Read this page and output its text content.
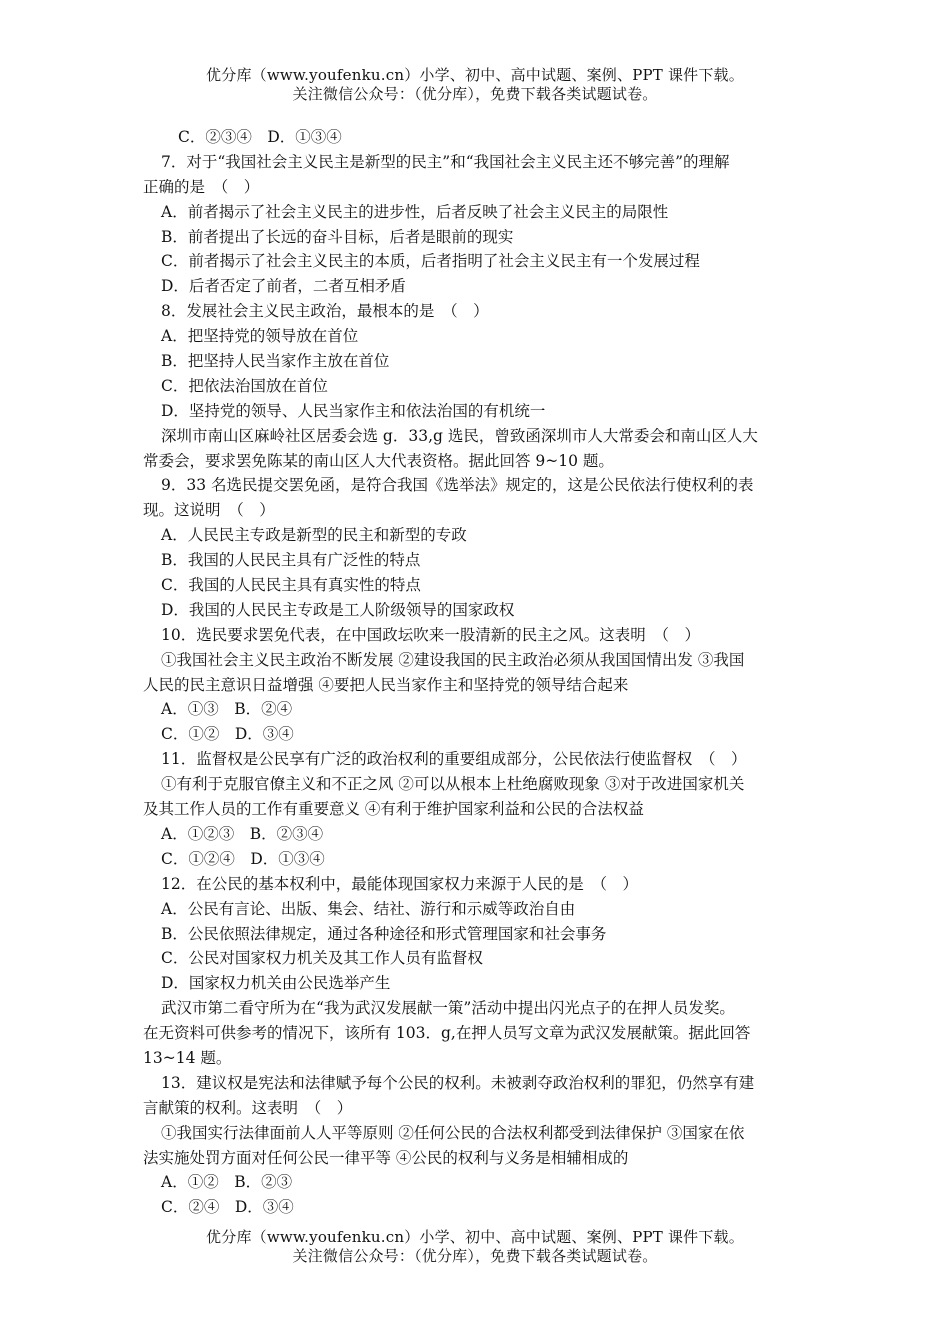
优分库（www.youfenku.cn）小学、初中、高中试题、案例、PPT 课件下载。
关注微信公众号：（优分库），免费下载各类试题试卷。
C．②③④　D．①③④
7．对于“我国社会主义民主是新型的民主”和“我国社会主义民主还不够完善”的理解
正确的是　（　）
A．前者揭示了社会主义民主的进步性，后者反映了社会主义民主的局限性
B．前者提出了长远的奋斗目标，后者是眼前的现实
C．前者揭示了社会主义民主的本质，后者指明了社会主义民主有一个发展过程
D．后者否定了前者，二者互相矛盾
8．发展社会主义民主政治，最根本的是　（　）
A．把坚持党的领导放在首位
B．把坚持人民当家作主放在首位
C．把依法治国放在首位
D．坚持党的领导、人民当家作主和依法治国的有机统一
深圳市南山区麻岭社区居委会选 g．33,g 选民，曾致函深圳市人大常委会和南山区人大
常委会，要求罢免陈某的南山区人大代表资格。据此回答 9~10 题。
9．33 名选民提交罢免函，是符合我国《选举法》规定的，这是公民依法行使权利的表
现。这说明　（　）
A．人民民主专政是新型的民主和新型的专政
B．我国的人民民主具有广泛性的特点
C．我国的人民民主具有真实性的特点
D．我国的人民民主专政是工人阶级领导的国家政权
10．选民要求罢免代表，在中国政坛吹来一股清新的民主之风。这表明　（　）
①我国社会主义民主政治不断发展 ②建设我国的民主政治必须从我国国情出发 ③我国
人民的民主意识日益增强 ④要把人民当家作主和坚持党的领导结合起来
A．①③　B．②④
C．①②　D．③④
11．监督权是公民享有广泛的政治权利的重要组成部分，公民依法行使监督权　（　）
①有利于克服官僚主义和不正之风 ②可以从根本上杜绝腐败现象 ③对于改进国家机关
及其工作人员的工作有重要意义 ④有利于维护国家利益和公民的合法权益
A．①②③　B．②③④
C．①②④　D．①③④
12．在公民的基本权利中，最能体现国家权力来源于人民的是　（　）
A．公民有言论、出版、集会、结社、游行和示威等政治自由
B．公民依照法律规定，通过各种途径和形式管理国家和社会事务
C．公民对国家权力机关及其工作人员有监督权
D．国家权力机关由公民选举产生
武汉市第二看守所为在“我为武汉发展献一策”活动中提出闪光点子的在押人员发奖。
在无资料可供参考的情况下，该所有 103．g,在押人员写文章为武汉发展献策。据此回答
13~14 题。
13．建议权是宪法和法律赋予每个公民的权利。未被剥夺政治权利的罪犯，仍然享有建
言献策的权利。这表明　（　）
①我国实行法律面前人人平等原则 ②任何公民的合法权利都受到法律保护 ③国家在依
法实施处罚方面对任何公民一律平等 ④公民的权利与义务是相辅相成的
A．①②　B．②③
C．②④　D．③④
优分库（www.youfenku.cn）小学、初中、高中试题、案例、PPT 课件下载。
关注微信公众号：（优分库），免费下载各类试题试卷。
